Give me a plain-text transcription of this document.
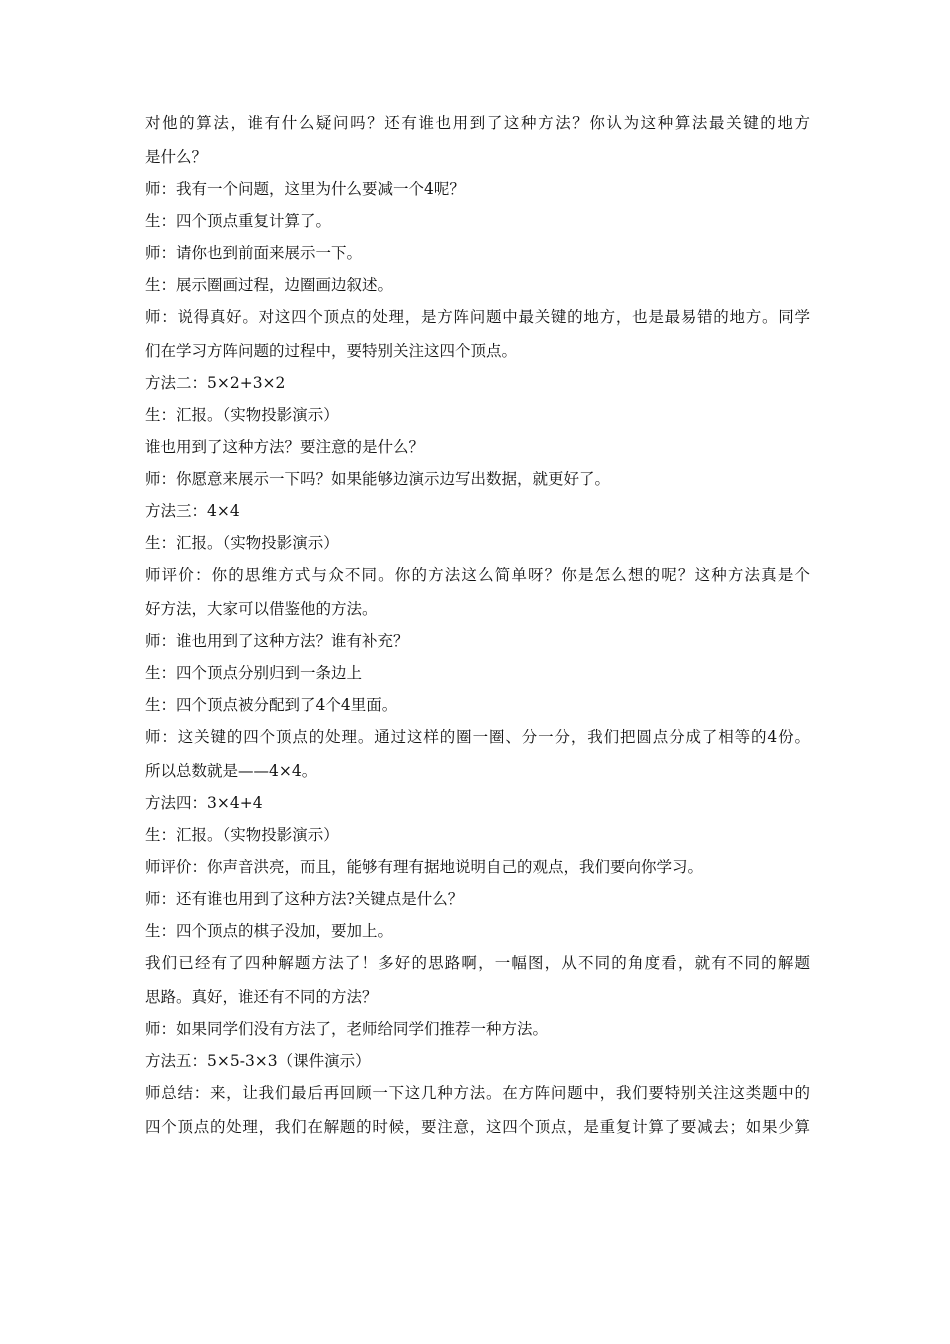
对他的算法，谁有什么疑问吗？还有谁也用到了这种方法？你认为这种算法最关键的地方

是什么？

师：我有一个问题，这里为什么要减一个4呢？

生：四个顶点重复计算了。

师：请你也到前面来展示一下。

生：展示圈画过程，边圈画边叙述。

师：说得真好。对这四个顶点的处理，是方阵问题中最关键的地方，也是最易错的地方。同学

们在学习方阵问题的过程中，要特别关注这四个顶点。

方法二：5×2+3×2

生：汇报。（实物投影演示）

谁也用到了这种方法？要注意的是什么？

师：你愿意来展示一下吗？如果能够边演示边写出数据，就更好了。

方法三：4×4

生：汇报。（实物投影演示）

师评价：你的思维方式与众不同。你的方法这么简单呀？你是怎么想的呢？这种方法真是个

好方法，大家可以借鉴他的方法。

师：谁也用到了这种方法？谁有补充？

生：四个顶点分别归到一条边上

生：四个顶点被分配到了4个4里面。

师：这关键的四个顶点的处理。通过这样的圈一圈、分一分，我们把圆点分成了相等的4份。

所以总数就是——4×4。

方法四：3×4+4

生：汇报。（实物投影演示）

师评价：你声音洪亮，而且，能够有理有据地说明自己的观点，我们要向你学习。

师：还有谁也用到了这种方法?关键点是什么？

生：四个顶点的棋子没加，要加上。

我们已经有了四种解题方法了！多好的思路啊，一幅图，从不同的角度看，就有不同的解题

思路。真好，谁还有不同的方法？

师：如果同学们没有方法了，老师给同学们推荐一种方法。

方法五：5×5-3×3（课件演示）

师总结：来，让我们最后再回顾一下这几种方法。在方阵问题中，我们要特别关注这类题中的

四个顶点的处理，我们在解题的时候，要注意，这四个顶点，是重复计算了要减去；如果少算
